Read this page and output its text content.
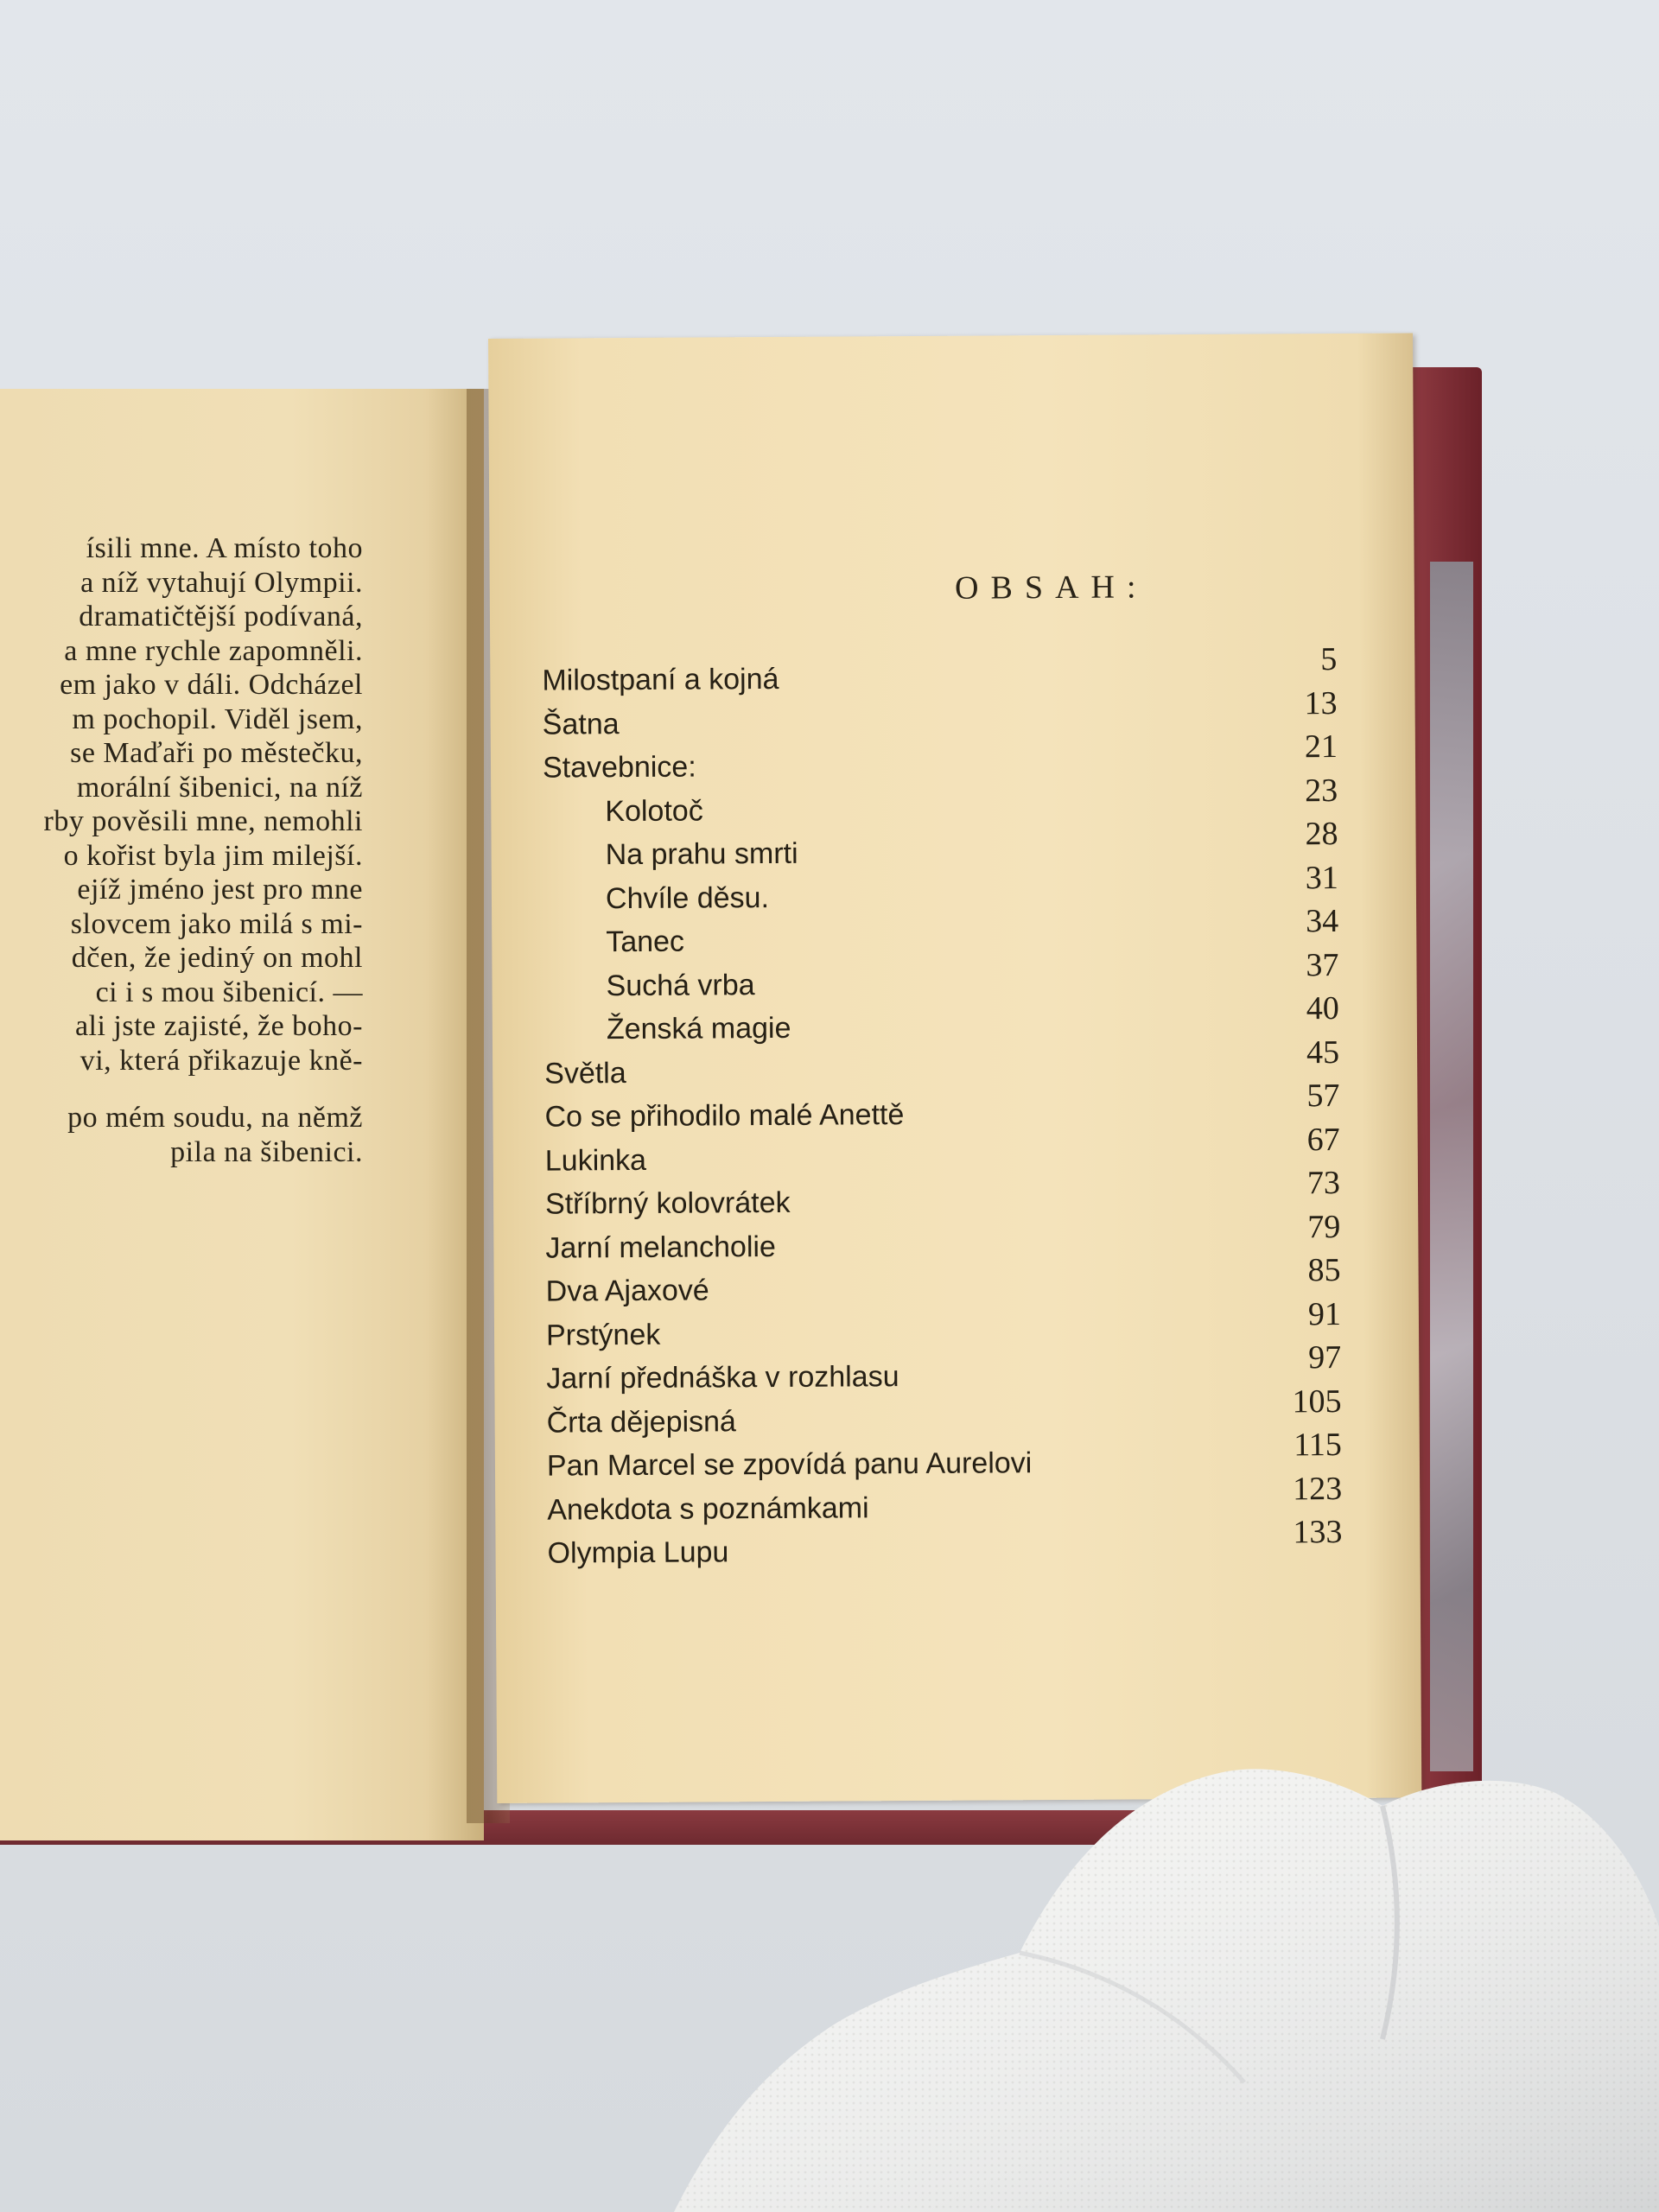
ísili mne. A místo toho
a níž vytahují Olympii.
dramatičtější podívaná,
a mne rychle zapomněli.
em jako v dáli. Odcházel
m pochopil. Viděl jsem,
se Maďaři po městečku,
morální šibenici, na níž
rby pověsili mne, nemohli
o kořist byla jim milejší.
ejíž jméno jest pro mne
slovcem jako milá s mi-
dčen, že jediný on mohl
ci i s mou šibenicí. —
ali jste zajisté, že boho-
vi, která přikazuje kně-
po mém soudu, na němž
pila na šibenici.
OBSAH:
Milostpaní a kojná
5
Šatna
13
Stavebnice:
21
Kolotoč
23
Na prahu smrti
28
Chvíle děsu.
31
Tanec
34
Suchá vrba
37
Ženská magie
40
Světla
45
Co se přihodilo malé Anettě
57
Lukinka
67
Stříbrný kolovrátek
73
Jarní melancholie
79
Dva Ajaxové
85
Prstýnek
91
Jarní přednáška v rozhlasu
97
Črta dějepisná
105
Pan Marcel se zpovídá panu Aurelovi
115
Anekdota s poznámkami
123
Olympia Lupu
133
